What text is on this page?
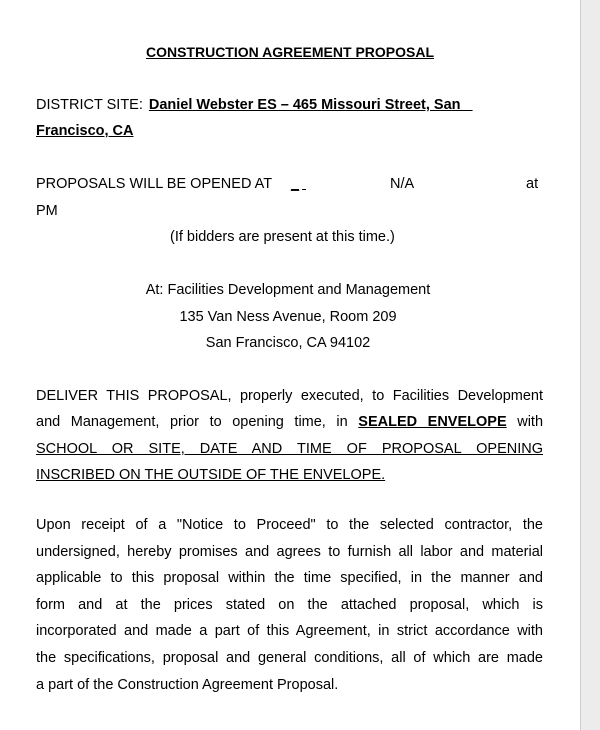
CONSTRUCTION AGREEMENT PROPOSAL
DISTRICT SITE: Daniel Webster ES – 465 Missouri Street, San
Francisco, CA
PROPOSALS WILL BE OPENED AT _
	N/A	at
PM
(If bidders are present at this time.)
At: Facilities Development and Management
135 Van Ness Avenue, Room 209
San Francisco, CA 94102
DELIVER THIS PROPOSAL, properly executed, to Facilities Development
and Management, prior to opening time, in SEALED ENVELOPE with
SCHOOL OR SITE, DATE AND TIME OF PROPOSAL OPENING
INSCRIBED ON THE OUTSIDE OF THE ENVELOPE.
Upon receipt of a "Notice to Proceed" to the selected contractor, the
undersigned, hereby promises and agrees to furnish all labor and material
applicable to this proposal within the time specified, in the manner and
form and at the prices stated on the attached proposal, which is
incorporated and made a part of this Agreement, in strict accordance with
the specifications, proposal and general conditions, all of which are made
a part of the Construction Agreement Proposal.
